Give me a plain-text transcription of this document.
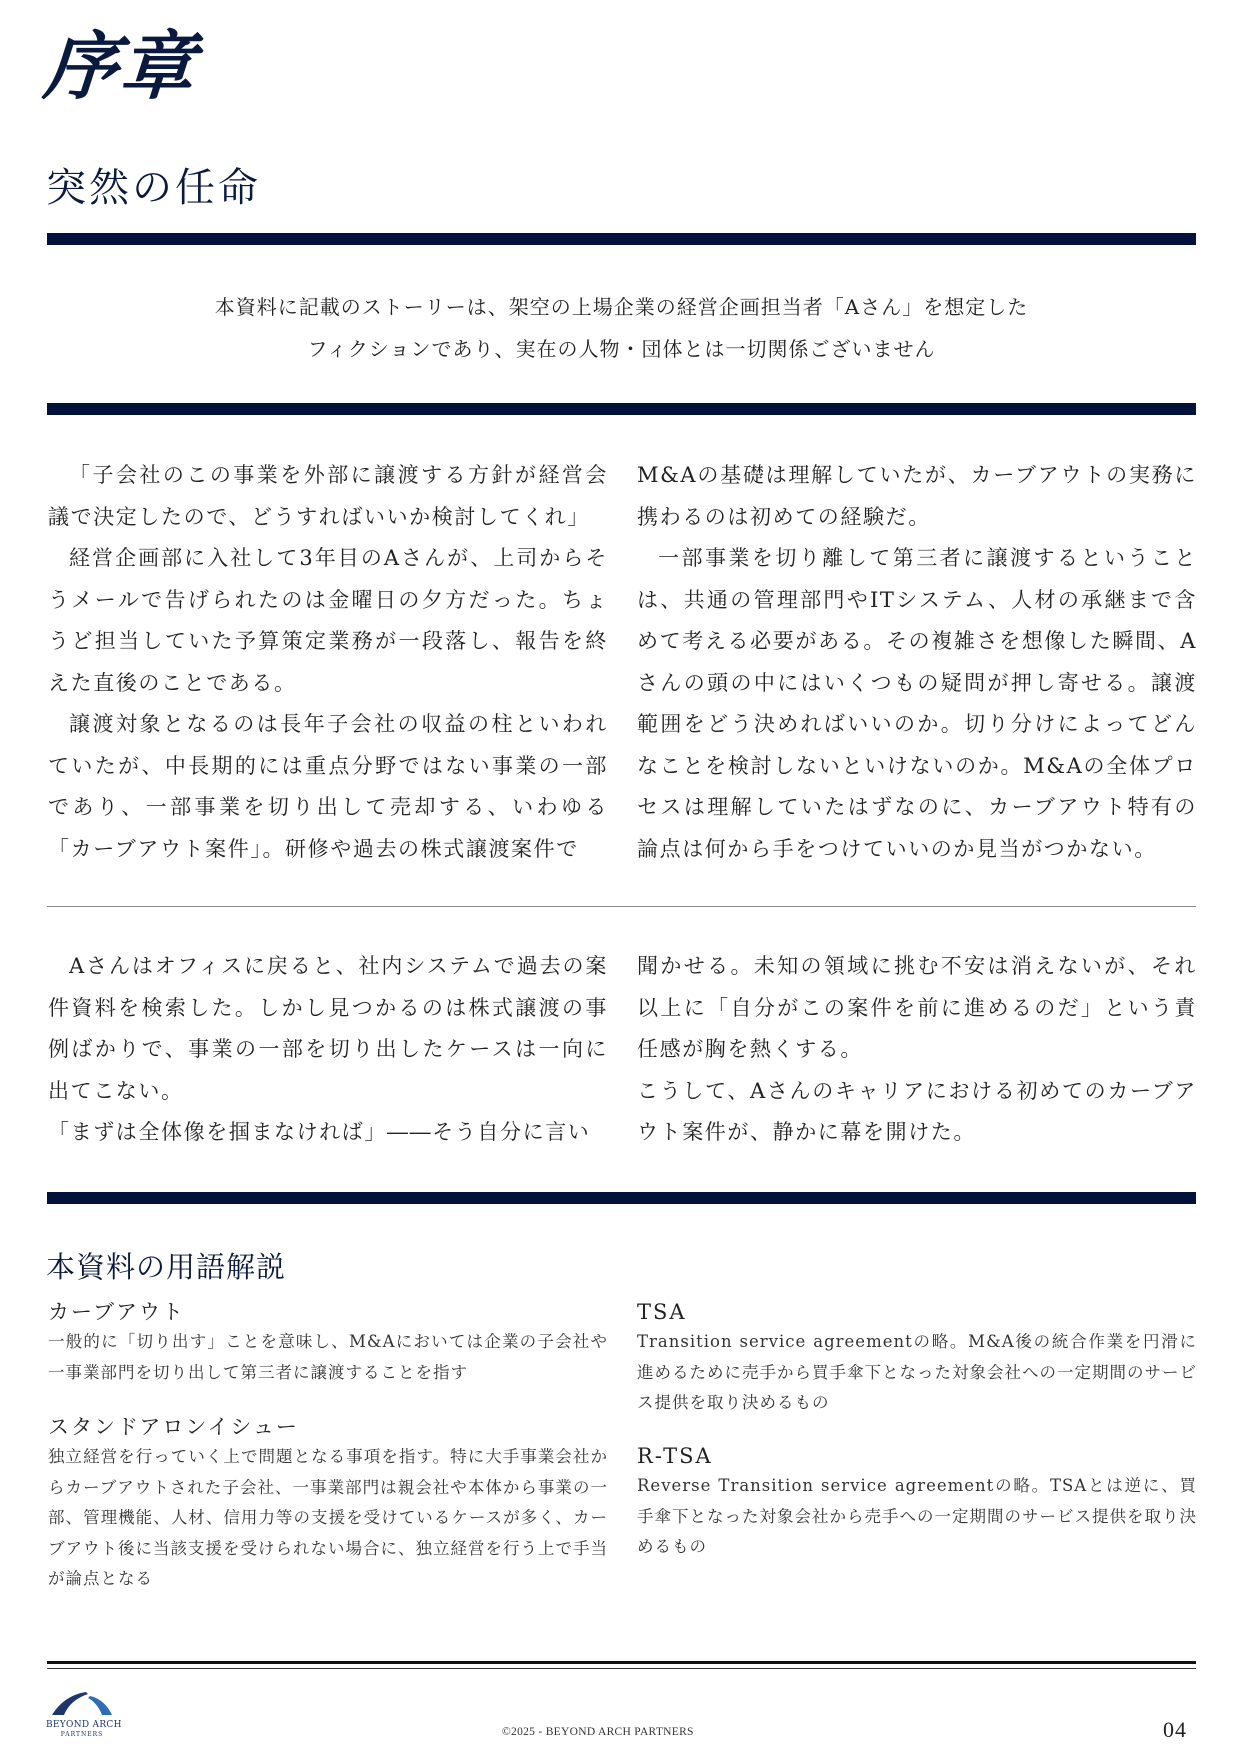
序章
突然の任命
本資料に記載のストーリーは、架空の上場企業の経営企画担当者「Aさん」を想定した
フィクションであり、実在の人物・団体とは一切関係ございません

「子会社のこの事業を外部に譲渡する方針が経営会議で決定したので、どうすればいいか検討してくれ」

経営企画部に入社して3年目のAさんが、上司からそうメールで告げられたのは金曜日の夕方だった。ちょうど担当していた予算策定業務が一段落し、報告を終えた直後のことである。

譲渡対象となるのは長年子会社の収益の柱といわれていたが、中長期的には重点分野ではない事業の一部であり、一部事業を切り出して売却する、いわゆる「カーブアウト案件」。研修や過去の株式譲渡案件で

M&Aの基礎は理解していたが、カーブアウトの実務に携わるのは初めての経験だ。

一部事業を切り離して第三者に譲渡するということは、共通の管理部門やITシステム、人材の承継まで含めて考える必要がある。その複雑さを想像した瞬間、Aさんの頭の中にはいくつもの疑問が押し寄せる。譲渡範囲をどう決めればいいのか。切り分けによってどんなことを検討しないといけないのか。M&Aの全体プロセスは理解していたはずなのに、カーブアウト特有の論点は何から手をつけていいのか見当がつかない。

Aさんはオフィスに戻ると、社内システムで過去の案件資料を検索した。しかし見つかるのは株式譲渡の事例ばかりで、事業の一部を切り出したケースは一向に出てこない。

「まずは全体像を掴まなければ」――そう自分に言い

聞かせる。未知の領域に挑む不安は消えないが、それ以上に「自分がこの案件を前に進めるのだ」という責任感が胸を熱くする。

こうして、Aさんのキャリアにおける初めてのカーブアウト案件が、静かに幕を開けた。

本資料の用語解説
カーブアウト
一般的に「切り出す」ことを意味し、M&Aにおいては企業の子会社や一事業部門を切り出して第三者に譲渡することを指す
スタンドアロンイシュー
独立経営を行っていく上で問題となる事項を指す。特に大手事業会社からカーブアウトされた子会社、一事業部門は親会社や本体から事業の一部、管理機能、人材、信用力等の支援を受けているケースが多く、カーブアウト後に当該支援を受けられない場合に、独立経営を行う上で手当が論点となる
TSA
Transition service agreementの略。M&A後の統合作業を円滑に進めるために売手から買手傘下となった対象会社への一定期間のサービス提供を取り決めるもの
R-TSA
Reverse Transition service agreementの略。TSAとは逆に、買手傘下となった対象会社から売手への一定期間のサービス提供を取り決めるもの
BEYOND ARCH
PARTNERS	©2025 - BEYOND ARCH PARTNERS	04
